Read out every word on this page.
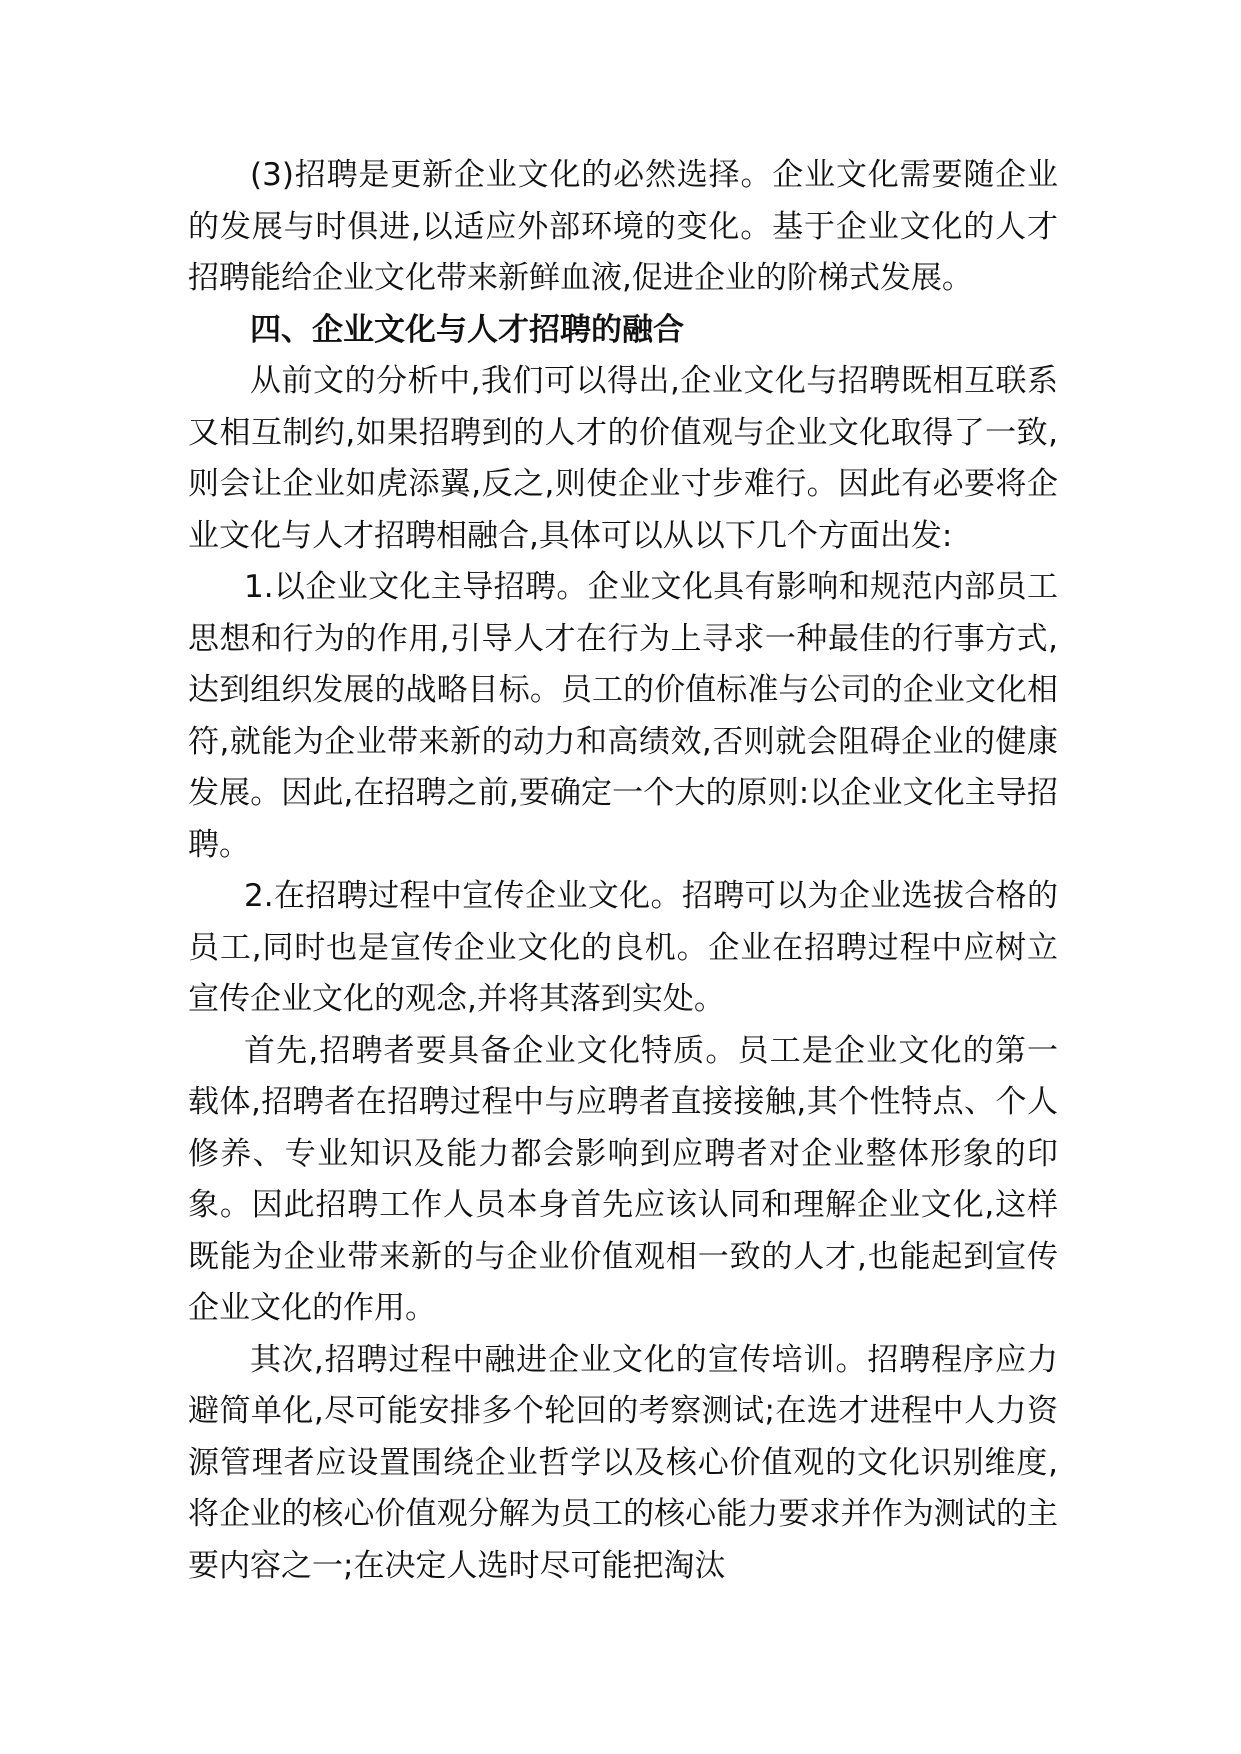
(3)招聘是更新企业文化的必然选择。企业文化需要随企业的发展与时俱进,以适应外部环境的变化。基于企业文化的人才招聘能给企业文化带来新鲜血液,促进企业的阶梯式发展。

四、企业文化与人才招聘的融合

从前文的分析中,我们可以得出,企业文化与招聘既相互联系又相互制约,如果招聘到的人才的价值观与企业文化取得了一致,则会让企业如虎添翼,反之,则使企业寸步难行。因此有必要将企业文化与人才招聘相融合,具体可以从以下几个方面出发:

1.以企业文化主导招聘。企业文化具有影响和规范内部员工思想和行为的作用,引导人才在行为上寻求一种最佳的行事方式,达到组织发展的战略目标。员工的价值标准与公司的企业文化相符,就能为企业带来新的动力和高绩效,否则就会阻碍企业的健康发展。因此,在招聘之前,要确定一个大的原则:以企业文化主导招聘。

2.在招聘过程中宣传企业文化。招聘可以为企业选拔合格的员工,同时也是宣传企业文化的良机。企业在招聘过程中应树立宣传企业文化的观念,并将其落到实处。

首先,招聘者要具备企业文化特质。员工是企业文化的第一载体,招聘者在招聘过程中与应聘者直接接触,其个性特点、个人修养、专业知识及能力都会影响到应聘者对企业整体形象的印象。因此招聘工作人员本身首先应该认同和理解企业文化,这样既能为企业带来新的与企业价值观相一致的人才,也能起到宣传企业文化的作用。

其次,招聘过程中融进企业文化的宣传培训。招聘程序应力避简单化,尽可能安排多个轮回的考察测试;在选才进程中人力资源管理者应设置围绕企业哲学以及核心价值观的文化识别维度,将企业的核心价值观分解为员工的核心能力要求并作为测试的主要内容之一;在决定人选时尽可能把淘汰
